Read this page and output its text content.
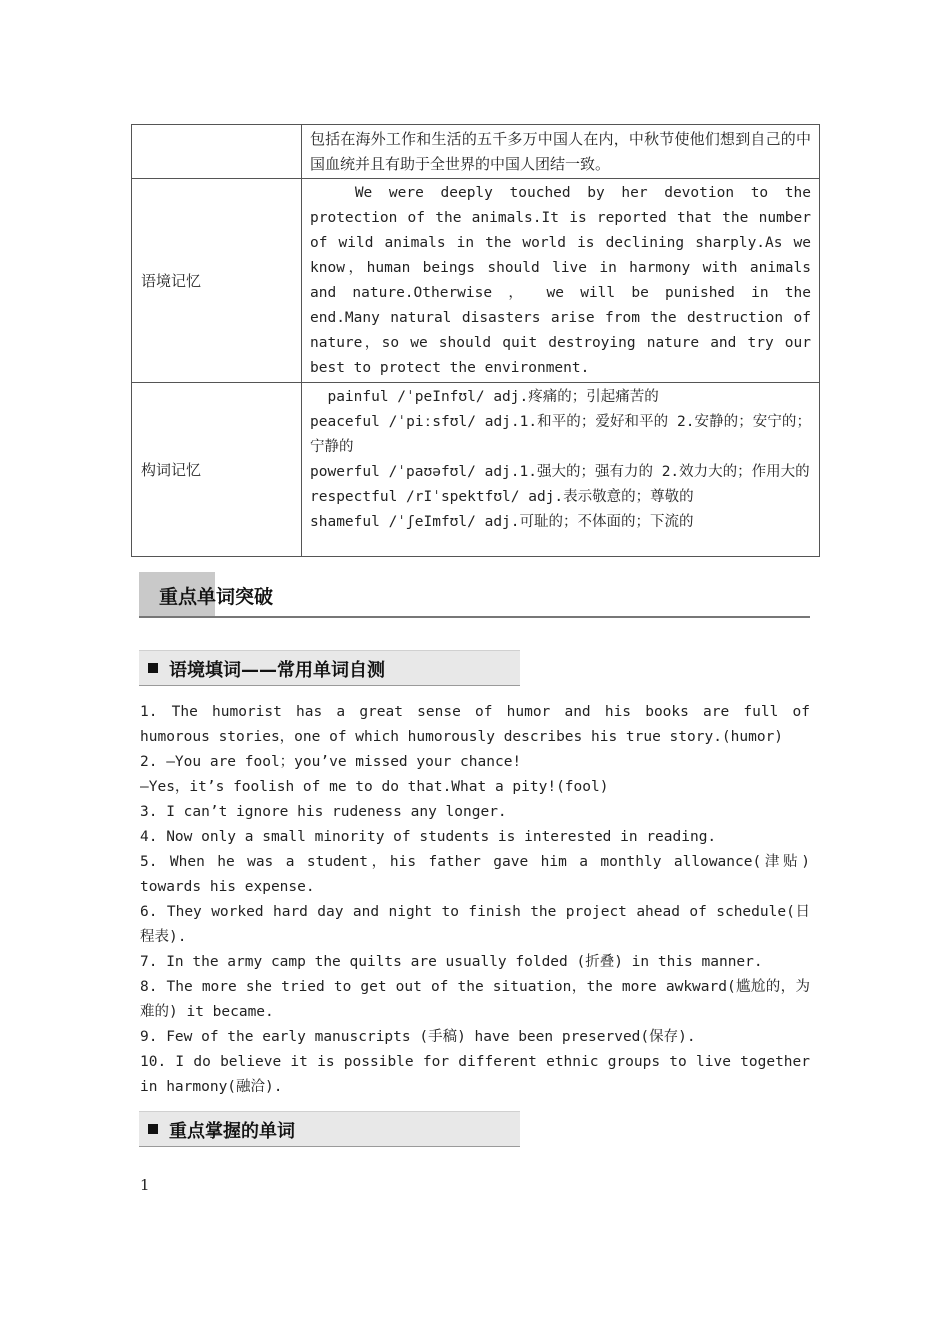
	包括在海外工作和生活的五千多万中国人在内，中秋节使他们想到自己的中国血统并且有助于全世界的中国人团结一致。
语境记忆	　　We were deeply touched by her devotion to the protection of the animals.It is reported that the number of wild animals in the world is declining sharply.As we know，human beings should live in harmony with animals and nature.Otherwise ， we will be punished in the end.Many natural disasters arise from the destruction of nature，so we should quit destroying nature and try our best to protect the environment.
构词记忆	painful /ˈpeInfʊl/ adj.疼痛的；引起痛苦的
peaceful /ˈpiːsfʊl/ adj.1.和平的；爱好和平的 2.安静的；安宁的；宁静的
powerful /ˈpaʊəfʊl/ adj.1.强大的；强有力的 2.效力大的；作用大的
respectful /rIˈspektfʊl/ adj.表示敬意的；尊敬的
shameful /ˈʃeImfʊl/ adj.可耻的；不体面的；下流的
重点单词突破
语境填词——常用单词自测

1. The humorist has a great sense of humor and his books are full of humorous stories，one of which humorously describes his true story.(humor)

2. —You are fool；you’ve missed your chance!

—Yes，it’s foolish of me to do that.What a pity!(fool)

3. I can’t ignore his rudeness any longer.

4. Now only a small minority of students is interested in reading.

5. When he was a student，his father gave him a monthly allowance(津贴) towards his expense.

6. They worked hard day and night to finish the project ahead of schedule(日程表).

7. In the army camp the quilts are usually folded (折叠) in this manner.

8. The more she tried to get out of the situation，the more awkward(尴尬的，为难的) it became.

9. Few of the early manuscripts (手稿) have been preserved(保存).

10. I do believe it is possible for different ethnic groups to live together in harmony(融洽).

重点掌握的单词
1
